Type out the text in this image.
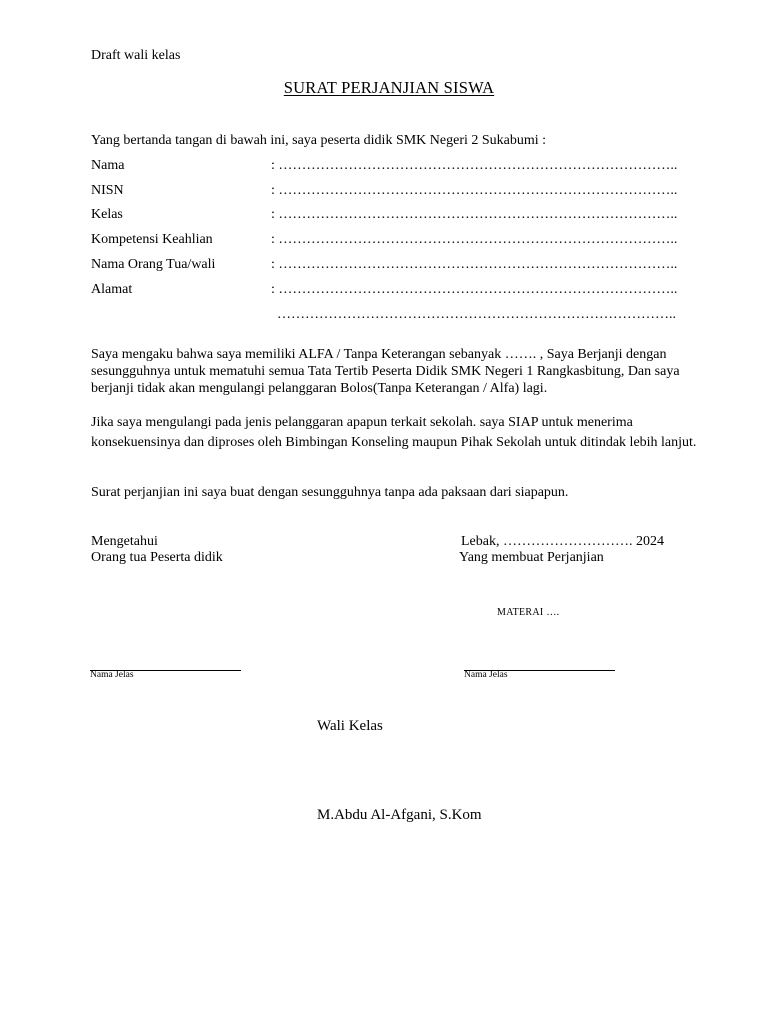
Draft wali kelas
SURAT PERJANJIAN SISWA
Yang bertanda tangan di bawah ini, saya peserta didik SMK Negeri 2 Sukabumi :
Nama	: …………………………………………………………………………..
NISN	: …………………………………………………………………………..
Kelas	: …………………………………………………………………………..
Kompetensi Keahlian	: …………………………………………………………………………..
Nama Orang Tua/wali	: …………………………………………………………………………..
Alamat	: …………………………………………………………………………..
…………………………………………………………………………..
Saya mengaku bahwa saya memiliki ALFA / Tanpa Keterangan sebanyak ……. , Saya Berjanji dengan
sesungguhnya untuk mematuhi semua Tata Tertib Peserta Didik SMK Negeri 1 Rangkasbitung, Dan saya
berjanji tidak akan mengulangi pelanggaran Bolos(Tanpa Keterangan / Alfa) lagi.
Jika saya mengulangi pada jenis pelanggaran apapun terkait sekolah. saya SIAP untuk menerima
konsekuensinya dan diproses oleh Bimbingan Konseling maupun Pihak Sekolah untuk ditindak lebih lanjut.
Surat perjanjian ini saya buat dengan sesungguhnya tanpa ada paksaan dari siapapun.
Mengetahui
Orang tua Peserta didik
Lebak, ………………………. 2024
Yang membuat Perjanjian
MATERAI ….
Nama Jelas	Nama Jelas
Wali Kelas
M.Abdu Al-Afgani, S.Kom
